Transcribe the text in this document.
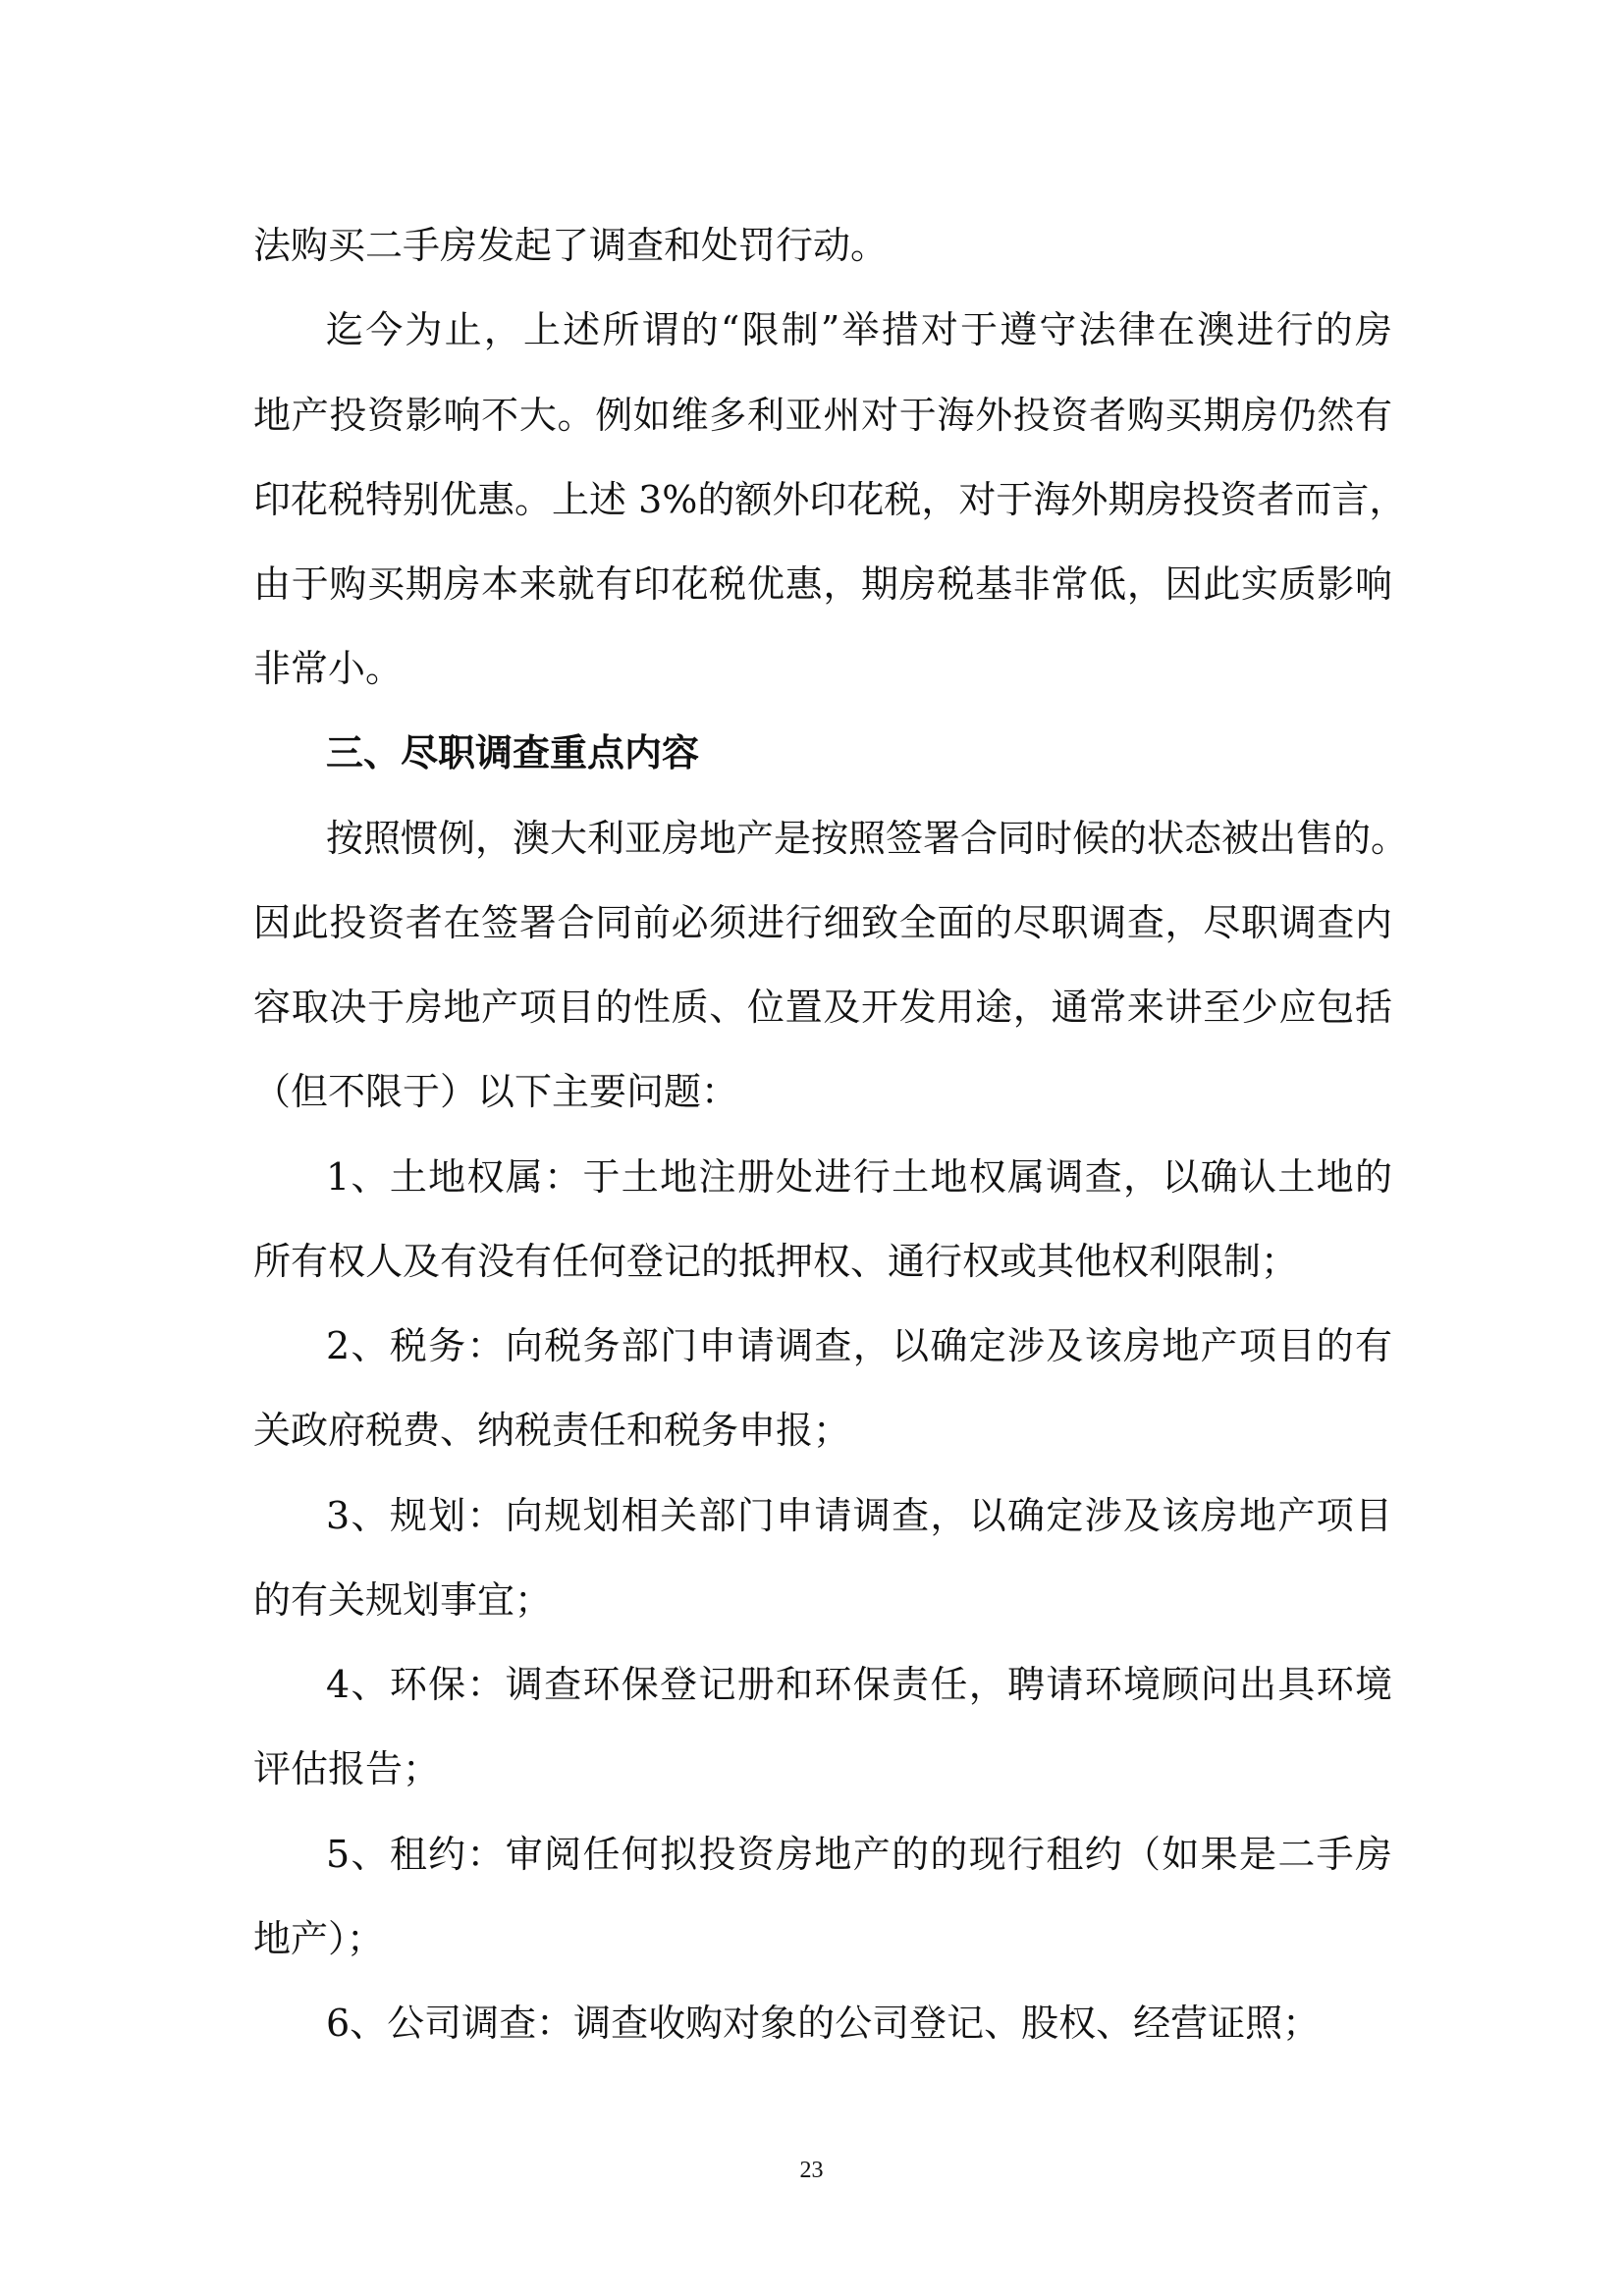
法购买二手房发起了调查和处罚行动。
迄今为止，上述所谓的“限制”举措对于遵守法律在澳进行的房
地产投资影响不大。例如维多利亚州对于海外投资者购买期房仍然有
印花税特别优惠。上述 3%的额外印花税，对于海外期房投资者而言，
由于购买期房本来就有印花税优惠，期房税基非常低，因此实质影响
非常小。
三、尽职调查重点内容
按照惯例，澳大利亚房地产是按照签署合同时候的状态被出售的。
因此投资者在签署合同前必须进行细致全面的尽职调查，尽职调查内
容取决于房地产项目的性质、位置及开发用途，通常来讲至少应包括
（但不限于）以下主要问题：
1、土地权属：于土地注册处进行土地权属调查，以确认土地的
所有权人及有没有任何登记的抵押权、通行权或其他权利限制；
2、税务：向税务部门申请调查，以确定涉及该房地产项目的有
关政府税费、纳税责任和税务申报；
3、规划：向规划相关部门申请调查，以确定涉及该房地产项目
的有关规划事宜；
4、环保：调查环保登记册和环保责任，聘请环境顾问出具环境
评估报告；
5、租约：审阅任何拟投资房地产的的现行租约（如果是二手房
地产）；
6、公司调查：调查收购对象的公司登记、股权、经营证照；
23
